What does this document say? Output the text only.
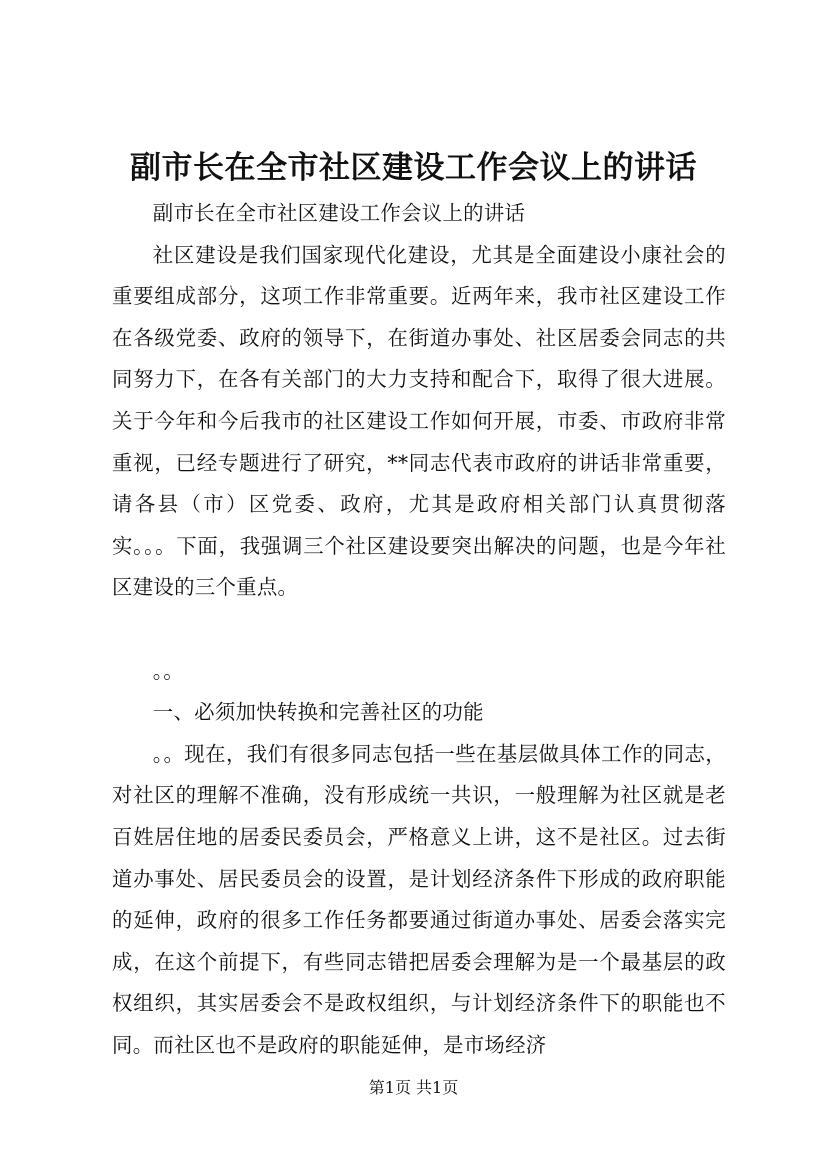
副市长在全市社区建设工作会议上的讲话

副市长在全市社区建设工作会议上的讲话

社区建设是我们国家现代化建设，尤其是全面建设小康社会的重要组成部分，这项工作非常重要。近两年来，我市社区建设工作在各级党委、政府的领导下，在街道办事处、社区居委会同志的共同努力下，在各有关部门的大力支持和配合下，取得了很大进展。关于今年和今后我市的社区建设工作如何开展，市委、市政府非常重视，已经专题进行了研究，**同志代表市政府的讲话非常重要，请各县（市）区党委、政府，尤其是政府相关部门认真贯彻落实。。。下面，我强调三个社区建设要突出解决的问题，也是今年社区建设的三个重点。

。。

一、必须加快转换和完善社区的功能

。。现在，我们有很多同志包括一些在基层做具体工作的同志，对社区的理解不准确，没有形成统一共识，一般理解为社区就是老百姓居住地的居委民委员会，严格意义上讲，这不是社区。过去街道办事处、居民委员会的设置，是计划经济条件下形成的政府职能的延伸，政府的很多工作任务都要通过街道办事处、居委会落实完成，在这个前提下，有些同志错把居委会理解为是一个最基层的政权组织，其实居委会不是政权组织，与计划经济条件下的职能也不同。而社区也不是政府的职能延伸，是市场经济

第1页 共1页
